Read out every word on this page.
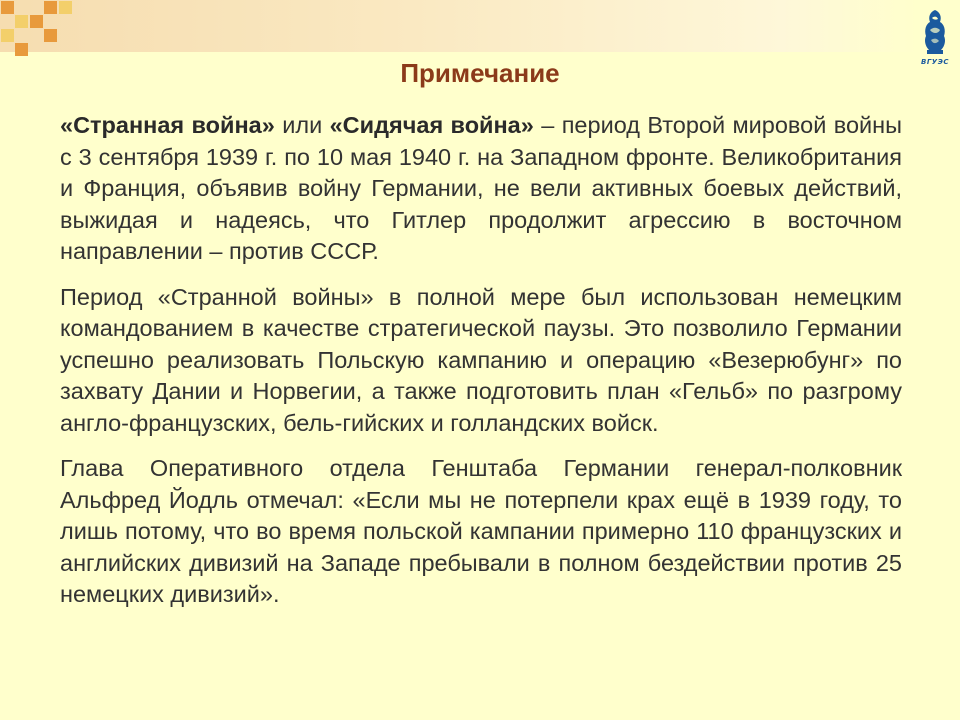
ВГУЭС
Примечание

«Странная война» или «Сидячая война» – период Второй мировой войны с 3 сентября 1939 г. по 10 мая 1940 г. на Западном фронте. Великобритания и Франция, объявив войну Германии, не вели активных боевых действий, выжидая и надеясь, что Гитлер продолжит агрессию в восточном направлении – против СССР.

Период «Странной войны» в полной мере был использован немецким командованием в качестве стратегической паузы. Это позволило Германии успешно реализовать Польскую кампанию и операцию «Везерюбунг» по захвату Дании и Норвегии, а также подготовить план «Гельб» по разгрому англо-французских, бель-гийских и голландских войск.

Глава Оперативного отдела Генштаба Германии генерал-полковник Альфред Йодль отмечал: «Если мы не потерпели крах ещё в 1939 году, то лишь потому, что во время польской кампании примерно 110 французских и английских дивизий на Западе пребывали в полном бездействии против 25 немецких дивизий».
